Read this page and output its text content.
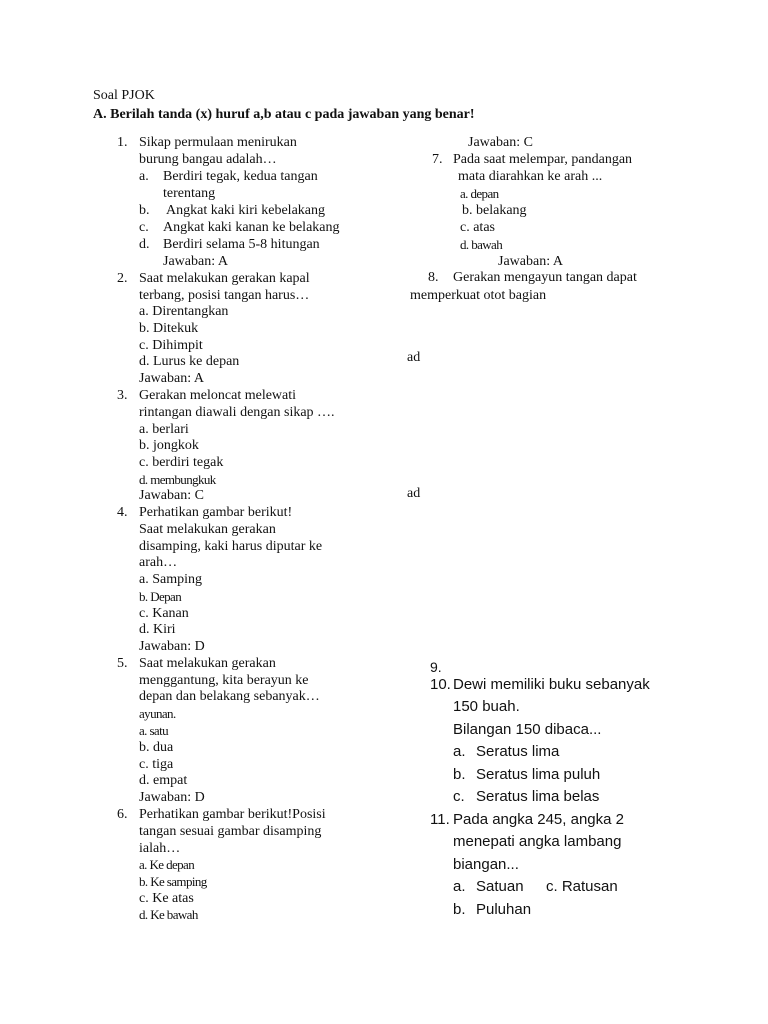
Soal PJOK
A. Berilah tanda (x) huruf a,b atau c pada jawaban yang benar!
1. Sikap permulaan menirukan
burung bangau adalah…
a. Berdiri tegak, kedua tangan
terentang
b. Angkat kaki kiri kebelakang
c. Angkat kaki kanan ke belakang
d. Berdiri selama 5-8 hitungan
Jawaban: A
2. Saat melakukan gerakan kapal
terbang, posisi tangan harus…
a. Direntangkan
b. Ditekuk
c. Dihimpit
d. Lurus ke depan
Jawaban: A
3. Gerakan meloncat melewati
rintangan diawali dengan sikap ….
a. berlari
b. jongkok
c. berdiri tegak
d. membungkuk
Jawaban: C
4. Perhatikan gambar berikut!
Saat melakukan gerakan
disamping, kaki harus diputar ke
arah…
a. Samping
b. Depan
c. Kanan
d. Kiri
Jawaban: D
5. Saat melakukan gerakan
menggantung, kita berayun ke
depan dan belakang sebanyak…
ayunan.
a. satu
b. dua
c. tiga
d. empat
Jawaban: D
6. Perhatikan gambar berikut!Posisi
tangan sesuai gambar disamping
ialah…
a. Ke depan
b. Ke samping
c. Ke atas
d. Ke bawah
Jawaban: C
7. Pada saat melempar, pandangan
mata diarahkan ke arah ...
a. depan
b. belakang
c. atas
d. bawah
Jawaban: A
8. Gerakan mengayun tangan dapat
memperkuat otot bagian
ad
ad
9.
10. Dewi memiliki buku sebanyak
150 buah.
Bilangan 150 dibaca...
a. Seratus lima
b. Seratus lima puluh
c. Seratus lima belas
11. Pada angka 245, angka 2
menepati angka lambang
biangan...
a. Satuan c. Ratusan
b. Puluhan
